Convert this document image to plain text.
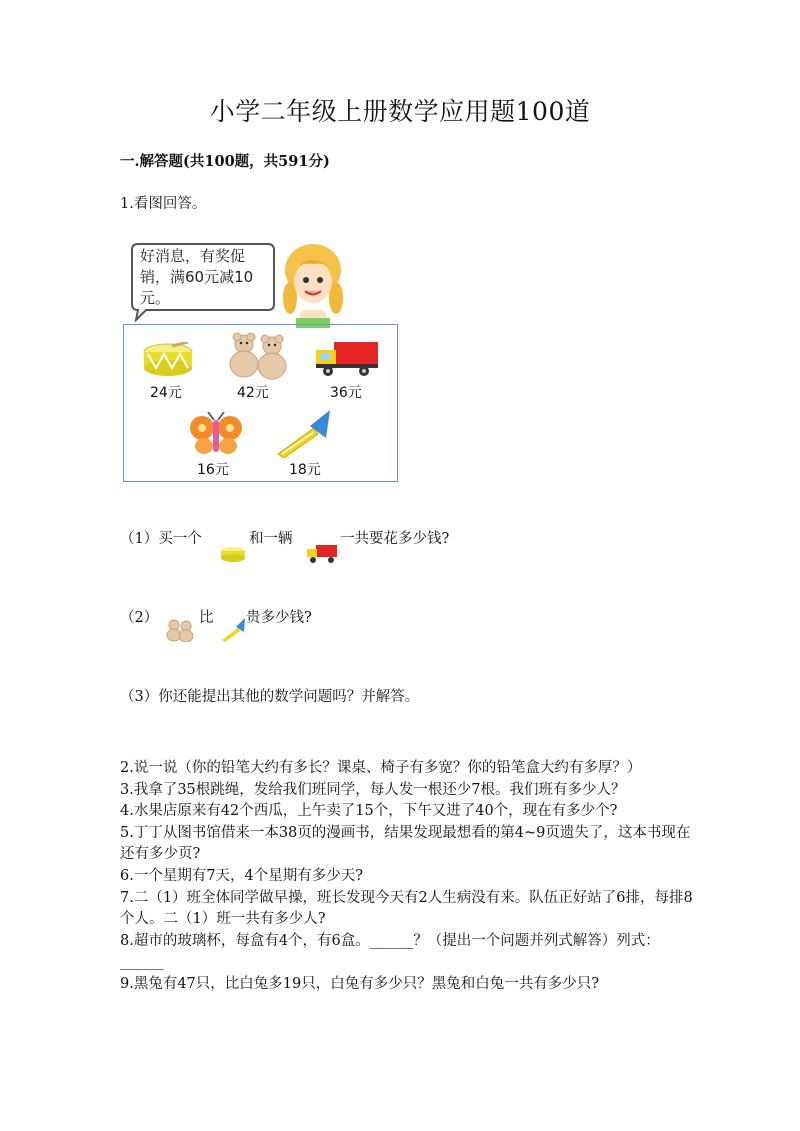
小学二年级上册数学应用题100道
一.解答题(共100题，共591分)
1.看图回答。
好消息，有奖促
销，满60元减10
元。
24元	42元	36元
16元	18元
（1）买一个	和一辆	一共要花多少钱?
（2）	比 贵多少钱?
（3）你还能提出其他的数学问题吗？并解答。

2.说一说（你的铅笔大约有多长？课桌、椅子有多宽？你的铅笔盒大约有多厚？）

3.我拿了35根跳绳，发给我们班同学，每人发一根还少7根。我们班有多少人？

4.水果店原来有42个西瓜，上午卖了15个，下午又进了40个，现在有多少个?

5.丁丁从图书馆借来一本38页的漫画书，结果发现最想看的第4~9页遗失了，这本书现在还有多少页?

6.一个星期有7天，4个星期有多少天?

7.二（1）班全体同学做早操，班长发现今天有2人生病没有来。队伍正好站了6排，每排8个人。二（1）班一共有多少人?

8.超市的玻璃杯，每盒有4个，有6盒。______？（提出一个问题并列式解答）列式：______

9.黑兔有47只，比白兔多19只，白兔有多少只？黑兔和白兔一共有多少只?
